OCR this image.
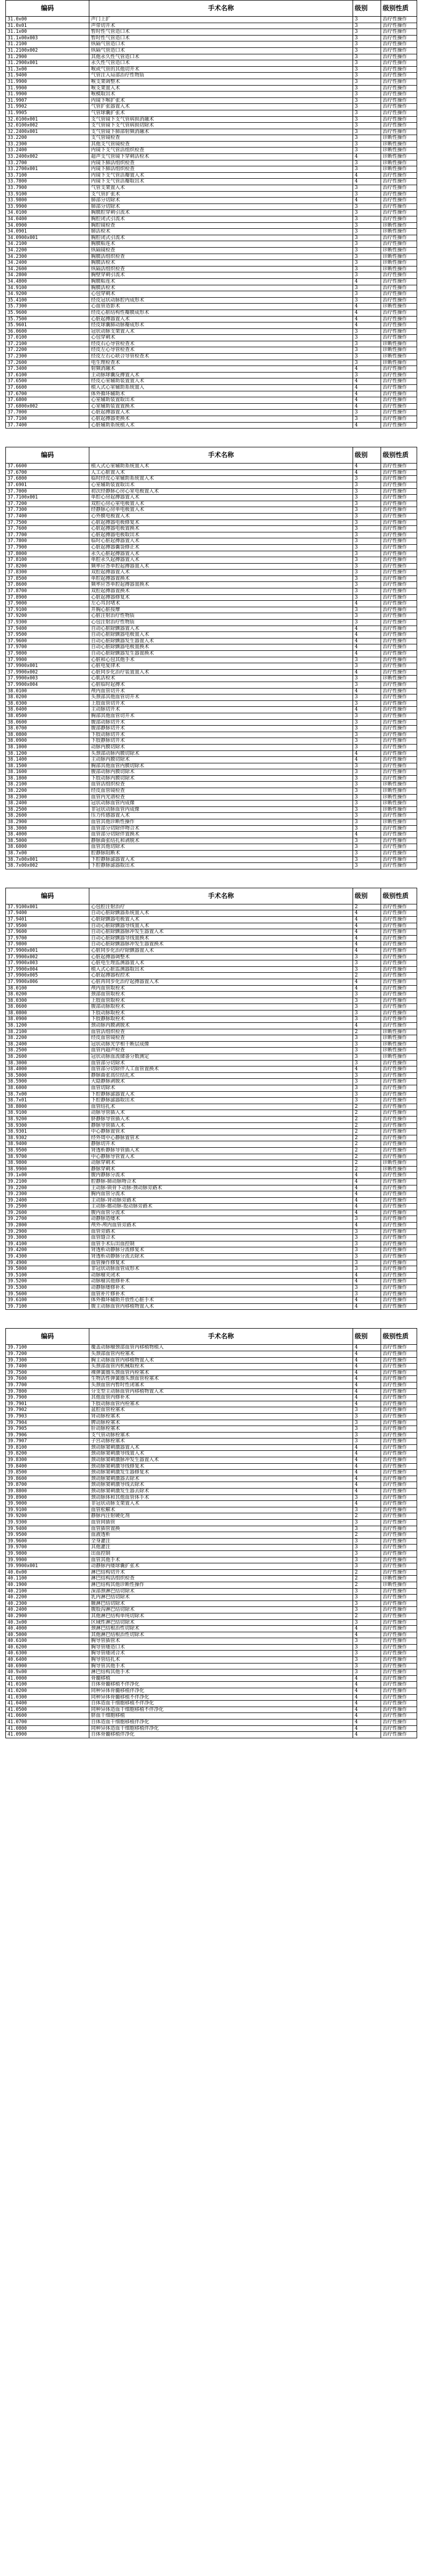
编码	手术名称	级别	级别性质
31.0x00	声门上扩	3	治疗性操作
31.0x01	声带切开术	3	治疗性操作
31.1x00	暂时性气管造口术	3	治疗性操作
31.1x00x003	暂时性气管造口术	3	治疗性操作
31.2100	纵隔气管造口术	3	治疗性操作
31.2100x002	纵隔气管造口术	3	治疗性操作
31.2900	其他永久性气管造口术	3	治疗性操作
31.2900x001	永久性气管造口术	3	治疗性操作
31.3x00	喉或气管的其他切开术	3	治疗性操作
31.9400	气管注入局部治疗性物质	3	治疗性操作
31.9900	喉支架调整术	3	治疗性操作
31.9900	喉支架置入术	3	治疗性操作
31.9900	喉模取出术	3	治疗性操作
31.9907	内镜下喉扩张术	3	治疗性操作
31.9902	气管扩张器置入术	3	治疗性操作
31.9905	气管球囊扩张术	3	治疗性操作
32.0100x001	支气管镜下支气管病损消融术	3	治疗性操作
32.0100x002	支气管镜下支气管病损切除术	3	治疗性操作
32.2400x001	支气管镜下肺部射频消融术	3	治疗性操作
33.2200	支气管镜检查	3	诊断性操作
33.2300	其他支气管镜检查	3	诊断性操作
33.2400	内镜下支气管活组织检查	3	诊断性操作
33.2400x002	超声支气管镜下穿刺活检术	4	诊断性操作
33.2700	内镜下肺活组织检查	3	诊断性操作
33.2700x001	内镜下肺活组织检查	3	诊断性操作
33.7100	内镜下支气管活瓣置入术	4	治疗性操作
33.7800	内镜下支气管活瓣取出术	4	治疗性操作
33.7900	气管支架置入术	3	治疗性操作
33.9100	支气管扩张术	3	治疗性操作
33.9800	肺部分切除术	4	治疗性操作
33.9900	肺部分切除术	3	治疗性操作
34.0100	胸膜腔穿刺引流术	3	治疗性操作
34.0400	胸腔闭式引流术	3	治疗性操作
34.0900	胸腔镜检查	3	诊断性操作
34.0901	肺活检术	3	诊断性操作
34.0900x001	胸腔闭式引流术	3	治疗性操作
34.2100	胸膜粘连术	3	治疗性操作
34.2200	纵隔镜检查	3	诊断性操作
34.2300	胸膜活组织检查	3	诊断性操作
34.2400	胸膜活检术	3	诊断性操作
34.2600	纵隔活组织检查	3	诊断性操作
34.2800	胸壁穿刺引流术	3	治疗性操作
34.4800	胸膜粘连术	4	治疗性操作
34.9100	胸膜活检术	3	治疗性操作
34.9200	心包穿刺术	3	治疗性操作
35.4100	经皮冠状动脉腔内成形术	3	治疗性操作
35.7300	心血管造影术	4	诊断性操作
35.9600	经皮心脏结构性瓣膜成形术	4	治疗性操作
35.7500	心脏起搏器置入术	4	治疗性操作
35.9601	经皮球囊肺动脉瓣成形术	4	治疗性操作
36.0600	冠状动脉支架置入术	3	治疗性操作
37.0100	心包穿刺术	3	治疗性操作
37.2100	经皮右心导管检查术	3	诊断性操作
37.2200	经皮左心导管检查术	3	诊断性操作
37.2300	经皮左右心联合导管检查术	3	诊断性操作
37.2600	电生理检查术	3	诊断性操作
37.3400	射频消融术	4	治疗性操作
37.6100	主动脉球囊反搏置入术	3	治疗性操作
37.6500	经皮心室辅助装置置入术	4	治疗性操作
37.6600	植入式心室辅助系统置入	4	治疗性操作
37.6700	体外循环辅助术	4	治疗性操作
37.6800	心室辅助装置取出术	4	治疗性操作
37.6800x002	心室辅助装置置换术	4	治疗性操作
37.7000	心脏起搏器置入术	3	治疗性操作
37.7100	心脏起搏器更换术	3	治疗性操作
37.7400	心脏辅助系统植入术	4	治疗性操作
编码	手术名称	级别	级别性质
37.6600	植入式心室辅助系统置入术	4	治疗性操作
37.6700	人工心脏置入术	4	治疗性操作
37.6800	临时经皮心室辅助系统置入术	3	治疗性操作
37.6901	心室辅助装置取出术	3	治疗性操作
37.7000	初次经静脉心房心室电极置入术	3	治疗性操作
37.7100x001	单腔心房起搏器置入术	3	治疗性操作
37.7200	双腔心房心室电极置入术	3	治疗性操作
37.7300	经静脉心房单电极置入术	3	治疗性操作
37.7400	心外膜电极置入术	3	治疗性操作
37.7500	心脏起搏器电极修复术	3	治疗性操作
37.7600	心脏起搏器电极置换术	3	治疗性操作
37.7700	心脏起搏器电极取出术	3	治疗性操作
37.7800	临时心脏起搏器置入术	3	治疗性操作
37.7900	心脏起搏器囊袋修正术	3	治疗性操作
37.8000	永久心脏起搏器置入术	3	治疗性操作
37.8100	单腔永久起搏器置入术	3	治疗性操作
37.8200	频率应答单腔起搏器置入术	3	治疗性操作
37.8300	双腔起搏器置入术	3	治疗性操作
37.8500	单腔起搏器置换术	3	治疗性操作
37.8600	频率应答单腔起搏器置换术	3	治疗性操作
37.8700	双腔起搏器置换术	3	治疗性操作
37.8900	心脏起搏器修复术	3	治疗性操作
37.9000	左心耳封堵术	4	治疗性操作
37.9100	开胸心脏按摩	3	治疗性操作
37.9200	心脏注射治疗性物质	3	治疗性操作
37.9300	心包注射治疗性物质	3	治疗性操作
37.9400	自动心脏除颤器置入术	4	治疗性操作
37.9500	自动心脏除颤器电极置入术	4	治疗性操作
37.9600	自动心脏除颤器发生器置入术	4	治疗性操作
37.9700	自动心脏除颤器电极置换术	4	治疗性操作
37.9800	自动心脏除颤器发生器置换术	4	治疗性操作
37.9900	心脏和心包其他手术	3	治疗性操作
37.9900x001	心脏电复律术	3	治疗性操作
37.9900x002	心脏同步化治疗装置置入术	4	治疗性操作
37.9900x003	心肌活检术	3	诊断性操作
37.9900x004	心脏临时起搏术	3	治疗性操作
38.0100	颅内血管切开术	4	治疗性操作
38.0200	头颈部其他血管切开术	3	治疗性操作
38.0300	上肢血管切开术	3	治疗性操作
38.0400	主动脉切开术	4	治疗性操作
38.0500	胸部其他血管切开术	3	治疗性操作
38.0600	腹部动脉切开术	3	治疗性操作
38.0700	腹部静脉切开术	3	治疗性操作
38.0800	下肢动脉切开术	3	治疗性操作
38.0900	下肢静脉切开术	3	治疗性操作
38.1000	动脉内膜切除术	3	治疗性操作
38.1200	头颈部动脉内膜切除术	4	治疗性操作
38.1400	主动脉内膜切除术	4	治疗性操作
38.1500	胸部其他血管内膜切除术	3	治疗性操作
38.1600	腹部动脉内膜切除术	3	治疗性操作
38.1800	下肢动脉内膜切除术	3	治疗性操作
38.2100	血管活组织检查	3	诊断性操作
38.2200	经皮血管镜检查	3	诊断性操作
38.2300	血管内光谱检查	3	诊断性操作
38.2400	冠状动脉血管内成像	3	诊断性操作
38.2500	非冠状动脉血管内成像	3	诊断性操作
38.2600	压力传感器置入术	3	治疗性操作
38.2900	血管其他诊断性操作	3	诊断性操作
38.3000	血管部分切除伴吻合术	3	治疗性操作
38.4000	血管部分切除伴置换术	4	治疗性操作
38.5000	静脉曲张结扎和剥脱术	3	治疗性操作
38.6000	血管其他切除术	3	治疗性操作
38.7x00	腔静脉阻断术	3	治疗性操作
38.7x00x001	下腔静脉滤器置入术	3	治疗性操作
38.7x00x002	下腔静脉滤器取出术	3	治疗性操作
编码	手术名称	级别	级别性质
37.9100x001	心包腔注射治疗	2	治疗性操作
37.9400	自动心脏除颤器系统置入术	4	治疗性操作
37.9401	心脏除颤器电极置入术	4	治疗性操作
37.9500	自动心脏除颤器导线置入术	4	治疗性操作
37.9600	自动心脏除颤器脉冲发生器置入术	4	治疗性操作
37.9700	自动心脏除颤器导线置换术	4	治疗性操作
37.9800	自动心脏除颤器脉冲发生器置换术	4	治疗性操作
37.9900x001	心脏同步化治疗除颤器置入术	4	治疗性操作
37.9900x002	心脏起搏器调整术	3	治疗性操作
37.9900x003	心脏电生理监测器置入术	3	治疗性操作
37.9900x004	植入式心脏监测器取出术	3	治疗性操作
37.9900x005	心脏起搏器程控术	2	治疗性操作
37.9900x006	心脏再同步化治疗起搏器置入术	4	治疗性操作
38.0100	颅内血管取栓术	4	治疗性操作
38.0200	颈部血管取栓术	3	治疗性操作
38.0300	上肢血管取栓术	3	治疗性操作
38.0600	腹部动脉取栓术	3	治疗性操作
38.0800	下肢动脉取栓术	3	治疗性操作
38.0900	下肢静脉取栓术	3	治疗性操作
38.1200	颈动脉内膜剥脱术	4	治疗性操作
38.2100	血管活组织检查	2	诊断性操作
38.2200	经皮血管镜检查	3	诊断性操作
38.2400	冠状动脉光学相干断层成像	3	诊断性操作
38.2500	血管内超声检查	3	诊断性操作
38.2600	冠状动脉血流储备分数测定	3	诊断性操作
38.3000	血管部分切除术	3	治疗性操作
38.4000	血管部分切除伴人工血管置换术	4	治疗性操作
38.5000	静脉曲张高位结扎术	3	治疗性操作
38.5900	大隐静脉剥脱术	3	治疗性操作
38.6000	血管切除术	3	治疗性操作
38.7x00	下腔静脉滤器置入术	3	治疗性操作
38.7x01	下腔静脉滤器取出术	3	治疗性操作
38.8000	血管结扎术	2	治疗性操作
38.9100	动脉导管插入术	2	治疗性操作
38.9200	脐静脉导管插入术	2	治疗性操作
38.9300	静脉导管插入术	2	治疗性操作
38.9301	中心静脉置管术	2	治疗性操作
38.9302	经外周中心静脉置管术	2	治疗性操作
38.9400	静脉切开术	2	治疗性操作
38.9500	肾透析静脉导管插入术	2	治疗性操作
38.9700	中心静脉导管置入术	2	治疗性操作
38.9800	动脉穿刺术	2	诊断性操作
38.9900	静脉穿刺术	2	诊断性操作
39.1x00	腹内静脉分流术	4	治疗性操作
39.2100	腔静脉-肺动脉吻合术	4	治疗性操作
39.2200	主动脉-锁骨下动脉-颈动脉旁路术	4	治疗性操作
39.2300	胸内血管分流术	4	治疗性操作
39.2400	主动脉-肾动脉旁路术	4	治疗性操作
39.2500	主动脉-髂动脉-股动脉旁路术	4	治疗性操作
39.2600	腹内血管分流术	4	治疗性操作
39.2700	动静脉造瘘术	3	治疗性操作
39.2800	颅外-颅内血管旁路术	4	治疗性操作
39.2900	血管旁路术	3	治疗性操作
39.3000	血管缝合术	3	治疗性操作
39.4100	血管手术后出血控制	3	治疗性操作
39.4200	肾透析动静脉分流修复术	3	治疗性操作
39.4300	肾透析动静脉分流去除术	3	治疗性操作
39.4900	血管操作修复术	3	治疗性操作
39.5000	非冠状动脉血管成形术	3	治疗性操作
39.5100	动脉瘤夹闭术	4	治疗性操作
39.5200	动脉瘤其他修补术	4	治疗性操作
39.5300	动静脉瘘修补术	3	治疗性操作
39.5600	血管补片修补术	3	治疗性操作
39.6100	体外循环辅助开放性心脏手术	4	治疗性操作
39.7100	腹主动脉血管内移植物置入术	4	治疗性操作
编码	手术名称	级别	级别性质
39.7100	覆盖动脉瘤颈部血管内移植物植入	4	治疗性操作
39.7200	头颈部血管内栓塞术	4	治疗性操作
39.7300	胸主动脉血管内移植物置入术	4	治疗性操作
39.7400	头颈部血管内机械取栓术	4	治疗性操作
39.7500	裸弹簧圈头颈血管内栓塞术	4	治疗性操作
39.7600	生物活性弹簧圈头颈血管栓塞术	4	治疗性操作
39.7700	头颈血管内暂时性闭塞术	4	治疗性操作
39.7800	分支型主动脉血管内移植物置入术	4	治疗性操作
39.7900	其他血管内修补术	4	治疗性操作
39.7901	下肢动脉血管内栓塞术	4	治疗性操作
39.7902	盆腔血管栓塞术	3	治疗性操作
39.7903	肾动脉栓塞术	3	治疗性操作
39.7904	脾动脉栓塞术	3	治疗性操作
39.7905	肝动脉栓塞术	3	治疗性操作
39.7906	支气管动脉栓塞术	3	治疗性操作
39.7907	子宫动脉栓塞术	3	治疗性操作
39.8100	颈动脉窦刺激器置入术	4	治疗性操作
39.8200	颈动脉窦刺激导线置入术	4	治疗性操作
39.8300	颈动脉窦刺激脉冲发生器置入术	4	治疗性操作
39.8400	颈动脉窦刺激导线修复术	4	治疗性操作
39.8500	颈动脉窦刺激发生器修复术	4	治疗性操作
39.8600	颈动脉窦刺激器去除术	4	治疗性操作
39.8700	颈动脉窦刺激导线去除术	4	治疗性操作
39.8800	颈动脉窦刺激发生器去除术	4	治疗性操作
39.8900	颈动脉体和其他血管体手术	3	治疗性操作
39.9000	非冠状动脉支架置入术	4	治疗性操作
39.9100	血管松解术	3	治疗性操作
39.9200	静脉内注射硬化剂	2	治疗性操作
39.9300	血管间插管	3	治疗性操作
39.9400	血管插管置换	3	治疗性操作
39.9500	血液透析	2	治疗性操作
39.9600	全身灌注	3	治疗性操作
39.9700	其他灌注	3	治疗性操作
39.9800	出血控制	3	治疗性操作
39.9900	血管其他手术	3	治疗性操作
39.9900x001	动静脉内瘘球囊扩张术	3	治疗性操作
40.0x00	淋巴结构切开术	2	治疗性操作
40.1100	淋巴结构活组织检查	2	诊断性操作
40.1900	淋巴结构其他诊断性操作	2	诊断性操作
40.2100	深部颈淋巴结切除术	3	治疗性操作
40.2200	乳内淋巴结切除术	3	治疗性操作
40.2300	腋淋巴结切除术	3	治疗性操作
40.2400	腹股沟淋巴结切除术	3	治疗性操作
40.2900	其他淋巴结构单纯切除术	2	治疗性操作
40.3x00	区域性淋巴结切除术	3	治疗性操作
40.4000	颈淋巴结根治性切除术	4	治疗性操作
40.5000	其他淋巴结根治性切除术	4	治疗性操作
40.6100	胸导管插管术	3	治疗性操作
40.6200	胸导管瘘造口术	3	治疗性操作
40.6300	胸导管瘘闭合术	3	治疗性操作
40.6400	胸导管结扎术	3	治疗性操作
40.6900	胸导管其他手术	3	治疗性操作
40.9x00	淋巴结构其他手术	3	治疗性操作
41.0000	骨髓移植	4	治疗性操作
41.0100	自体骨髓移植不伴净化	4	治疗性操作
41.0200	同种异体骨髓移植伴净化	4	治疗性操作
41.0300	同种异体骨髓移植不伴净化	4	治疗性操作
41.0400	自体造血干细胞移植不伴净化	4	治疗性操作
41.0500	同种异体造血干细胞移植不伴净化	4	治疗性操作
41.0600	脐血干细胞移植	4	治疗性操作
41.0700	自体造血干细胞移植伴净化	4	治疗性操作
41.0800	同种异体造血干细胞移植伴净化	4	治疗性操作
41.0900	自体骨髓移植伴净化	4	治疗性操作
